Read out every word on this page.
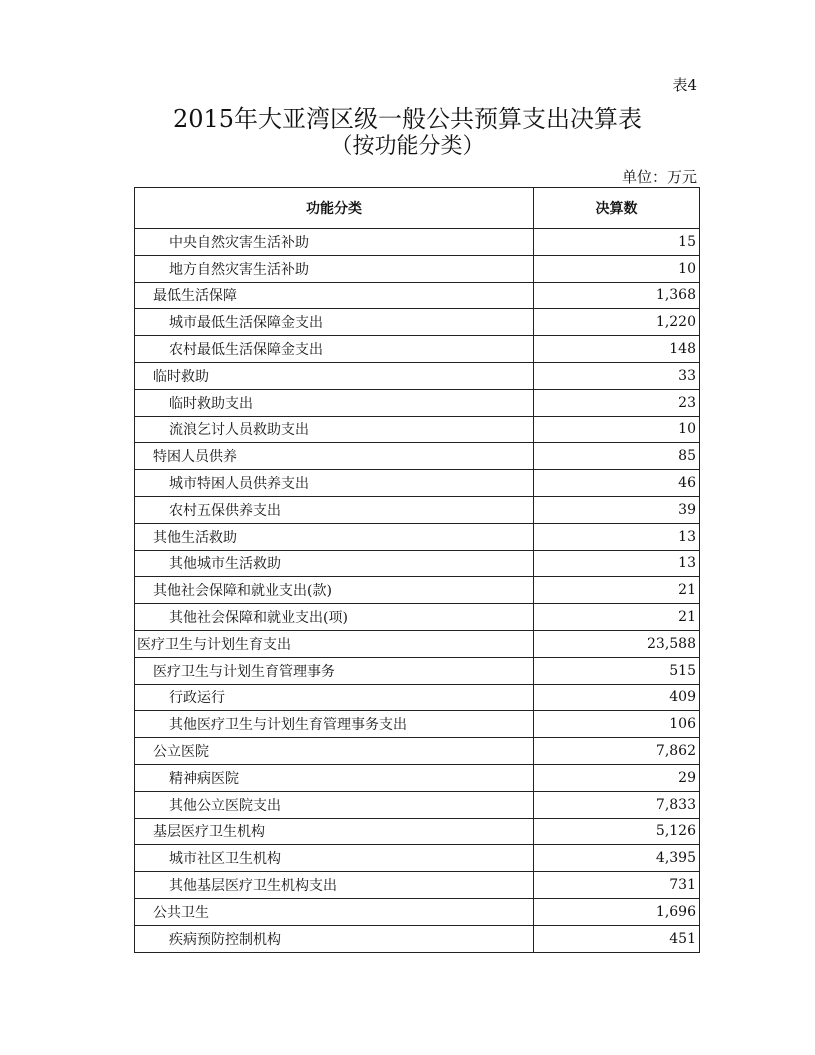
表4
2015年大亚湾区级一般公共预算支出决算表
（按功能分类）
单位：万元
功能分类	决算数
中央自然灾害生活补助	15
地方自然灾害生活补助	10
最低生活保障	1,368
城市最低生活保障金支出	1,220
农村最低生活保障金支出	148
临时救助	33
临时救助支出	23
流浪乞讨人员救助支出	10
特困人员供养	85
城市特困人员供养支出	46
农村五保供养支出	39
其他生活救助	13
其他城市生活救助	13
其他社会保障和就业支出(款)	21
其他社会保障和就业支出(项)	21
医疗卫生与计划生育支出	23,588
医疗卫生与计划生育管理事务	515
行政运行	409
其他医疗卫生与计划生育管理事务支出	106
公立医院	7,862
精神病医院	29
其他公立医院支出	7,833
基层医疗卫生机构	5,126
城市社区卫生机构	4,395
其他基层医疗卫生机构支出	731
公共卫生	1,696
疾病预防控制机构	451
